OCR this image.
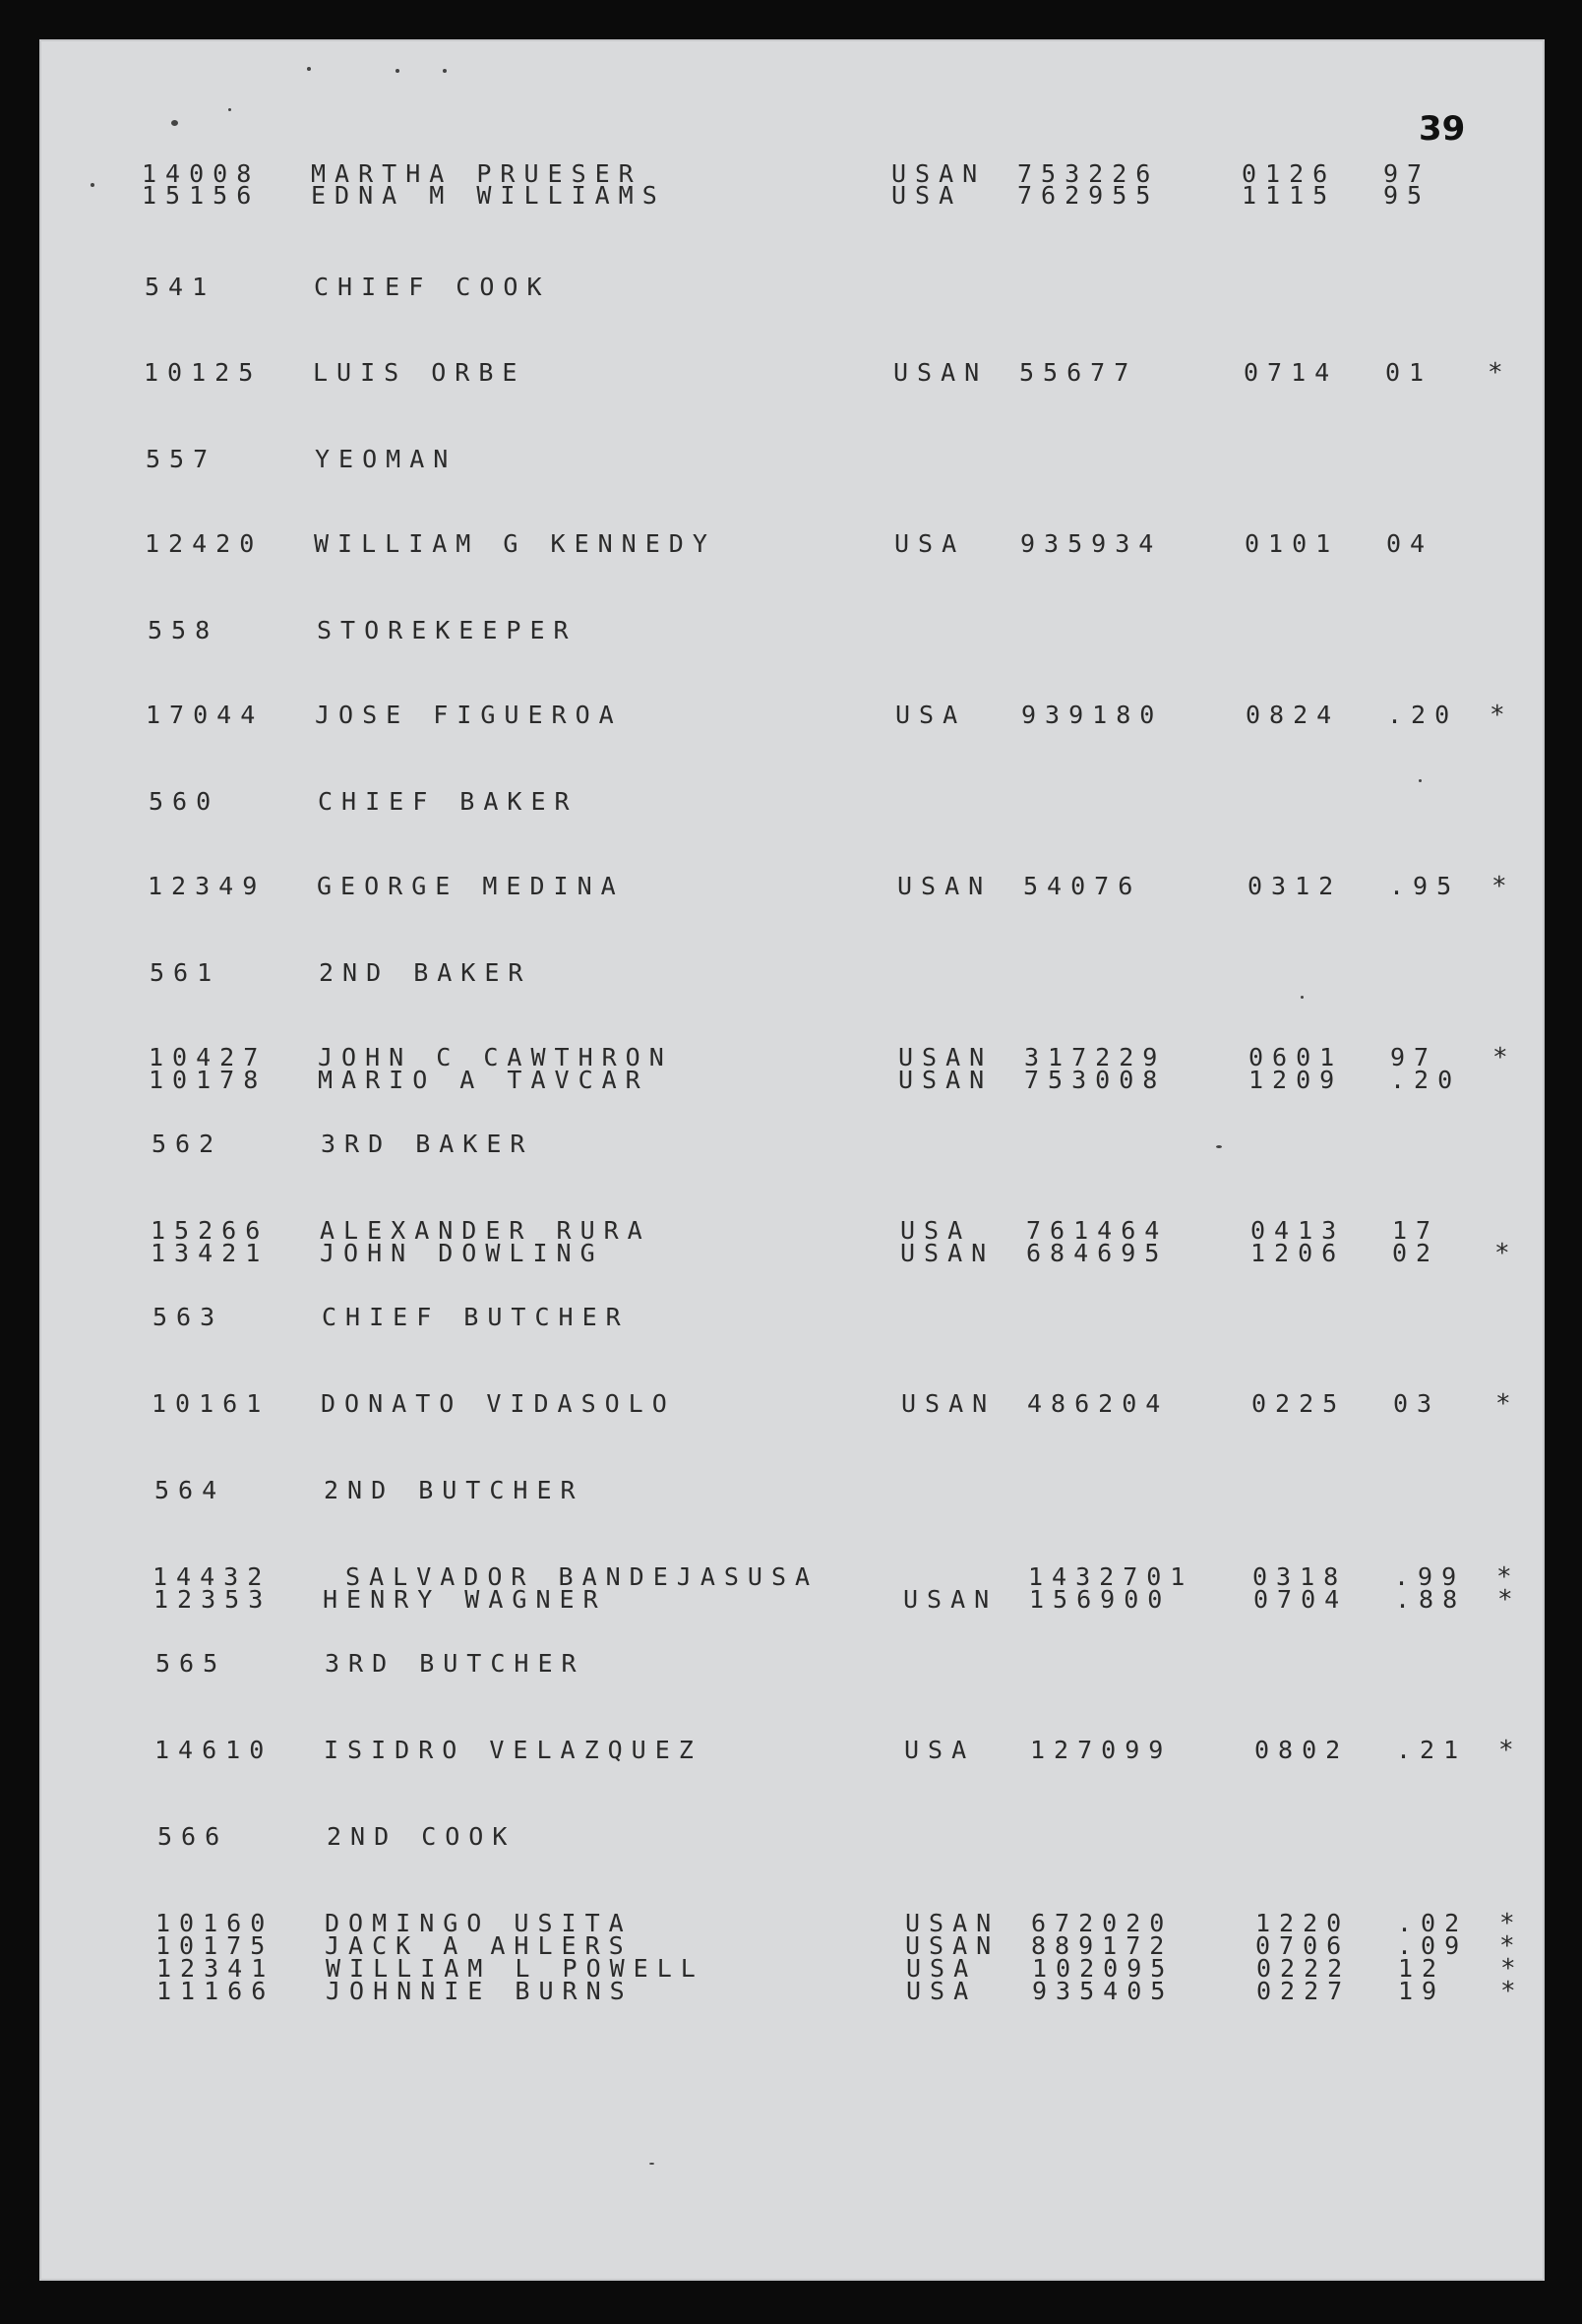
39
14008 MARTHA PRUESER	USAN 753226	0126 97
15156 EDNA M WILLIAMS	USA 762955	1115 95
541	CHIEF COOK
10125 LUIS ORBE	USAN 55677	0714 01 *
557	YEOMAN
12420 WILLIAM G KENNEDY	USA 935934	0101 04
558	STOREKEEPER
17044 JOSE FIGUEROA	USA 939180	0824 .20 *
560	CHIEF BAKER
12349 GEORGE MEDINA	USAN 54076	0312 .95 *
561	2ND BAKER
10427 JOHN C CAWTHRON	USAN 317229	0601 97 *
10178 MARIO A TAVCAR	USAN 753008	1209 .20
562	3RD BAKER
15266 ALEXANDER RURA	USA 761464	0413 17
13421 JOHN DOWLING	USAN 684695	1206 02 *
563	CHIEF BUTCHER
10161 DONATO VIDASOLO	USAN 486204	0225 03 *
564	2ND BUTCHER
14432 SALVADOR BANDEJASUSA	1432701 0318 .99 *
12353 HENRY WAGNER	USAN 156900	0704 .88 *
565	3RD BUTCHER
14610 ISIDRO VELAZQUEZ	USA 127099	0802 .21 *
566	2ND COOK
10160 DOMINGO USITA	USAN 672020	1220 .02 *
10175 JACK A AHLERS	USAN 889172	0706 .09 *
12341 WILLIAM L POWELL	USA 102095	0222 12 *
11166 JOHNNIE BURNS	USA 935405	0227 19 *
